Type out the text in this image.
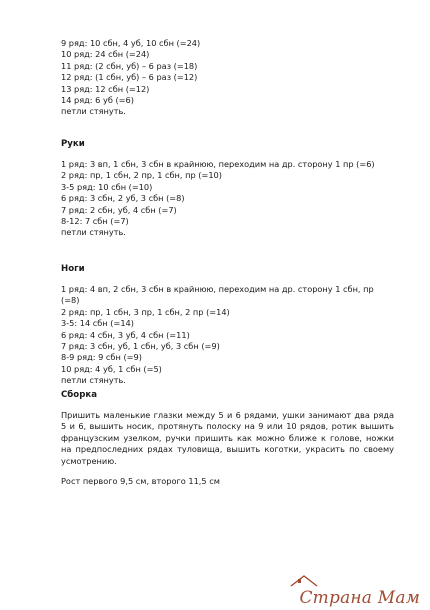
9 ряд: 10 сбн, 4 уб, 10 сбн (=24)
10 ряд: 24 сбн (=24)
11 ряд: (2 сбн, уб) – 6 раз (=18)
12 ряд: (1 сбн, уб) – 6 раз (=12)
13 ряд: 12 сбн (=12)
14 ряд: 6 уб (=6)
петли стянуть.
Руки
1 ряд: 3 вп, 1 сбн, 3 сбн в крайнюю, переходим на др. сторону 1 пр (=6)
2 ряд: пр, 1 сбн, 2 пр, 1 сбн, пр (=10)
3-5 ряд: 10 сбн (=10)
6 ряд: 3 сбн, 2 уб, 3 сбн (=8)
7 ряд: 2 сбн, уб, 4 сбн (=7)
8-12: 7 сбн (=7)
петли стянуть.
Ноги
1 ряд: 4 вп, 2 сбн, 3 сбн в крайнюю, переходим на др. сторону 1 сбн, пр
(=8)
2 ряд: пр, 1 сбн, 3 пр, 1 сбн, 2 пр (=14)
3-5: 14 сбн (=14)
6 ряд: 4 сбн, 3 уб, 4 сбн (=11)
7 ряд: 3 сбн, уб, 1 сбн, уб, 3 сбн (=9)
8-9 ряд: 9 сбн (=9)
10 ряд: 4 уб, 1 сбн (=5)
петли стянуть.
Сборка
Пришить маленькие глазки между 5 и 6 рядами, ушки занимают два ряда 5 и 6, вышить носик, протянуть полоску на 9 или 10 рядов, ротик вышить французским узелком, ручки пришить как можно ближе к голове, ножки на предпоследних рядах туловища, вышить коготки, украсить по своему усмотрению.
Рост первого 9,5 см, второго 11,5 см
Страна Мам
